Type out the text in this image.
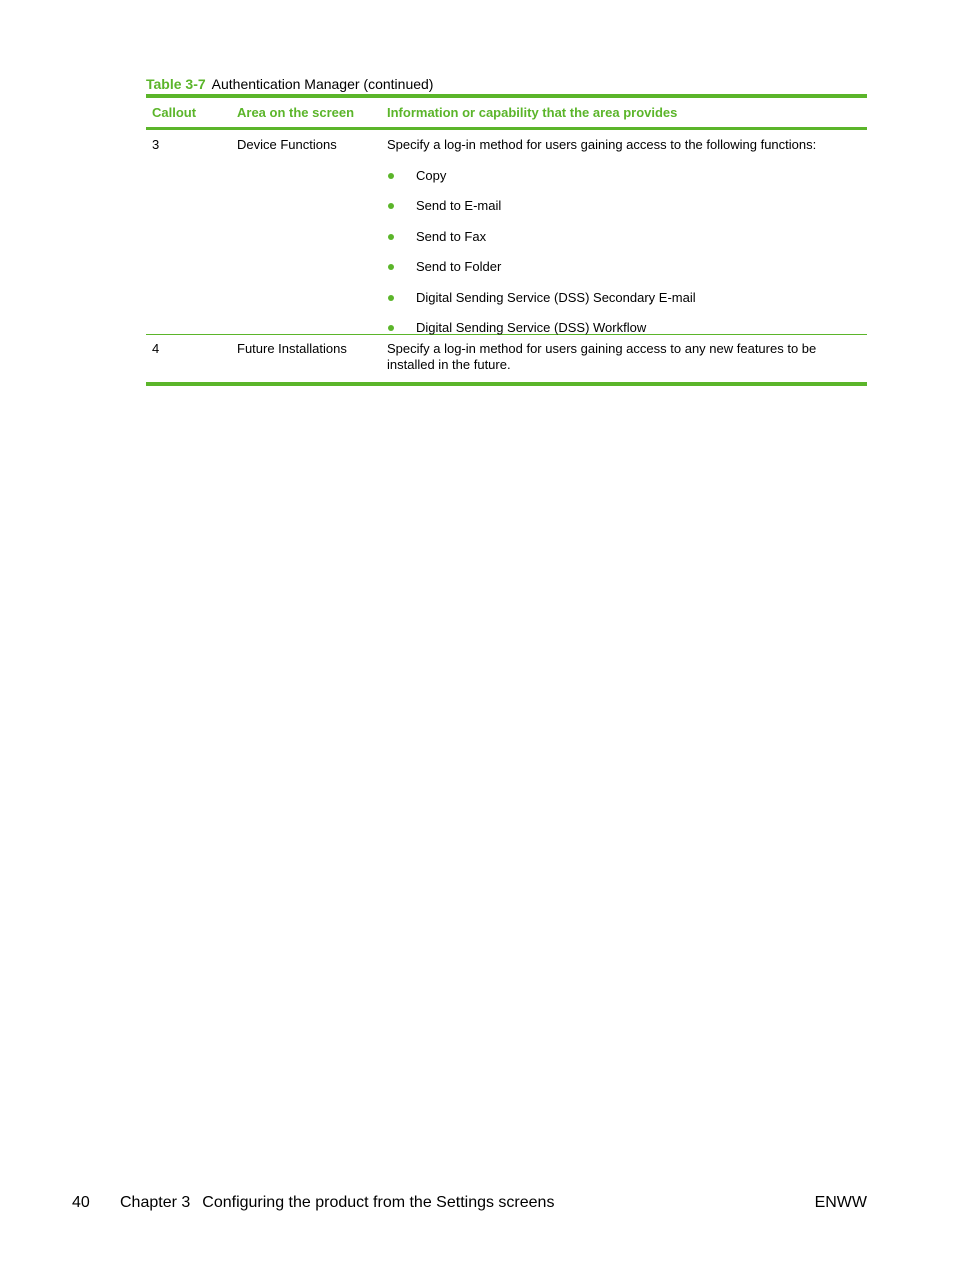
Table 3-7 Authentication Manager (continued)
Callout	Area on the screen	Information or capability that the area provides
3	Device Functions	Specify a log-in method for users gaining access to the following functions:
Copy
Send to E-mail
Send to Fax
Send to Folder
Digital Sending Service (DSS) Secondary E-mail
Digital Sending Service (DSS) Workflow
4	Future Installations	Specify a log-in method for users gaining access to any new features to be installed in the future.
40 Chapter 3 Configuring the product from the Settings screens	ENWW
